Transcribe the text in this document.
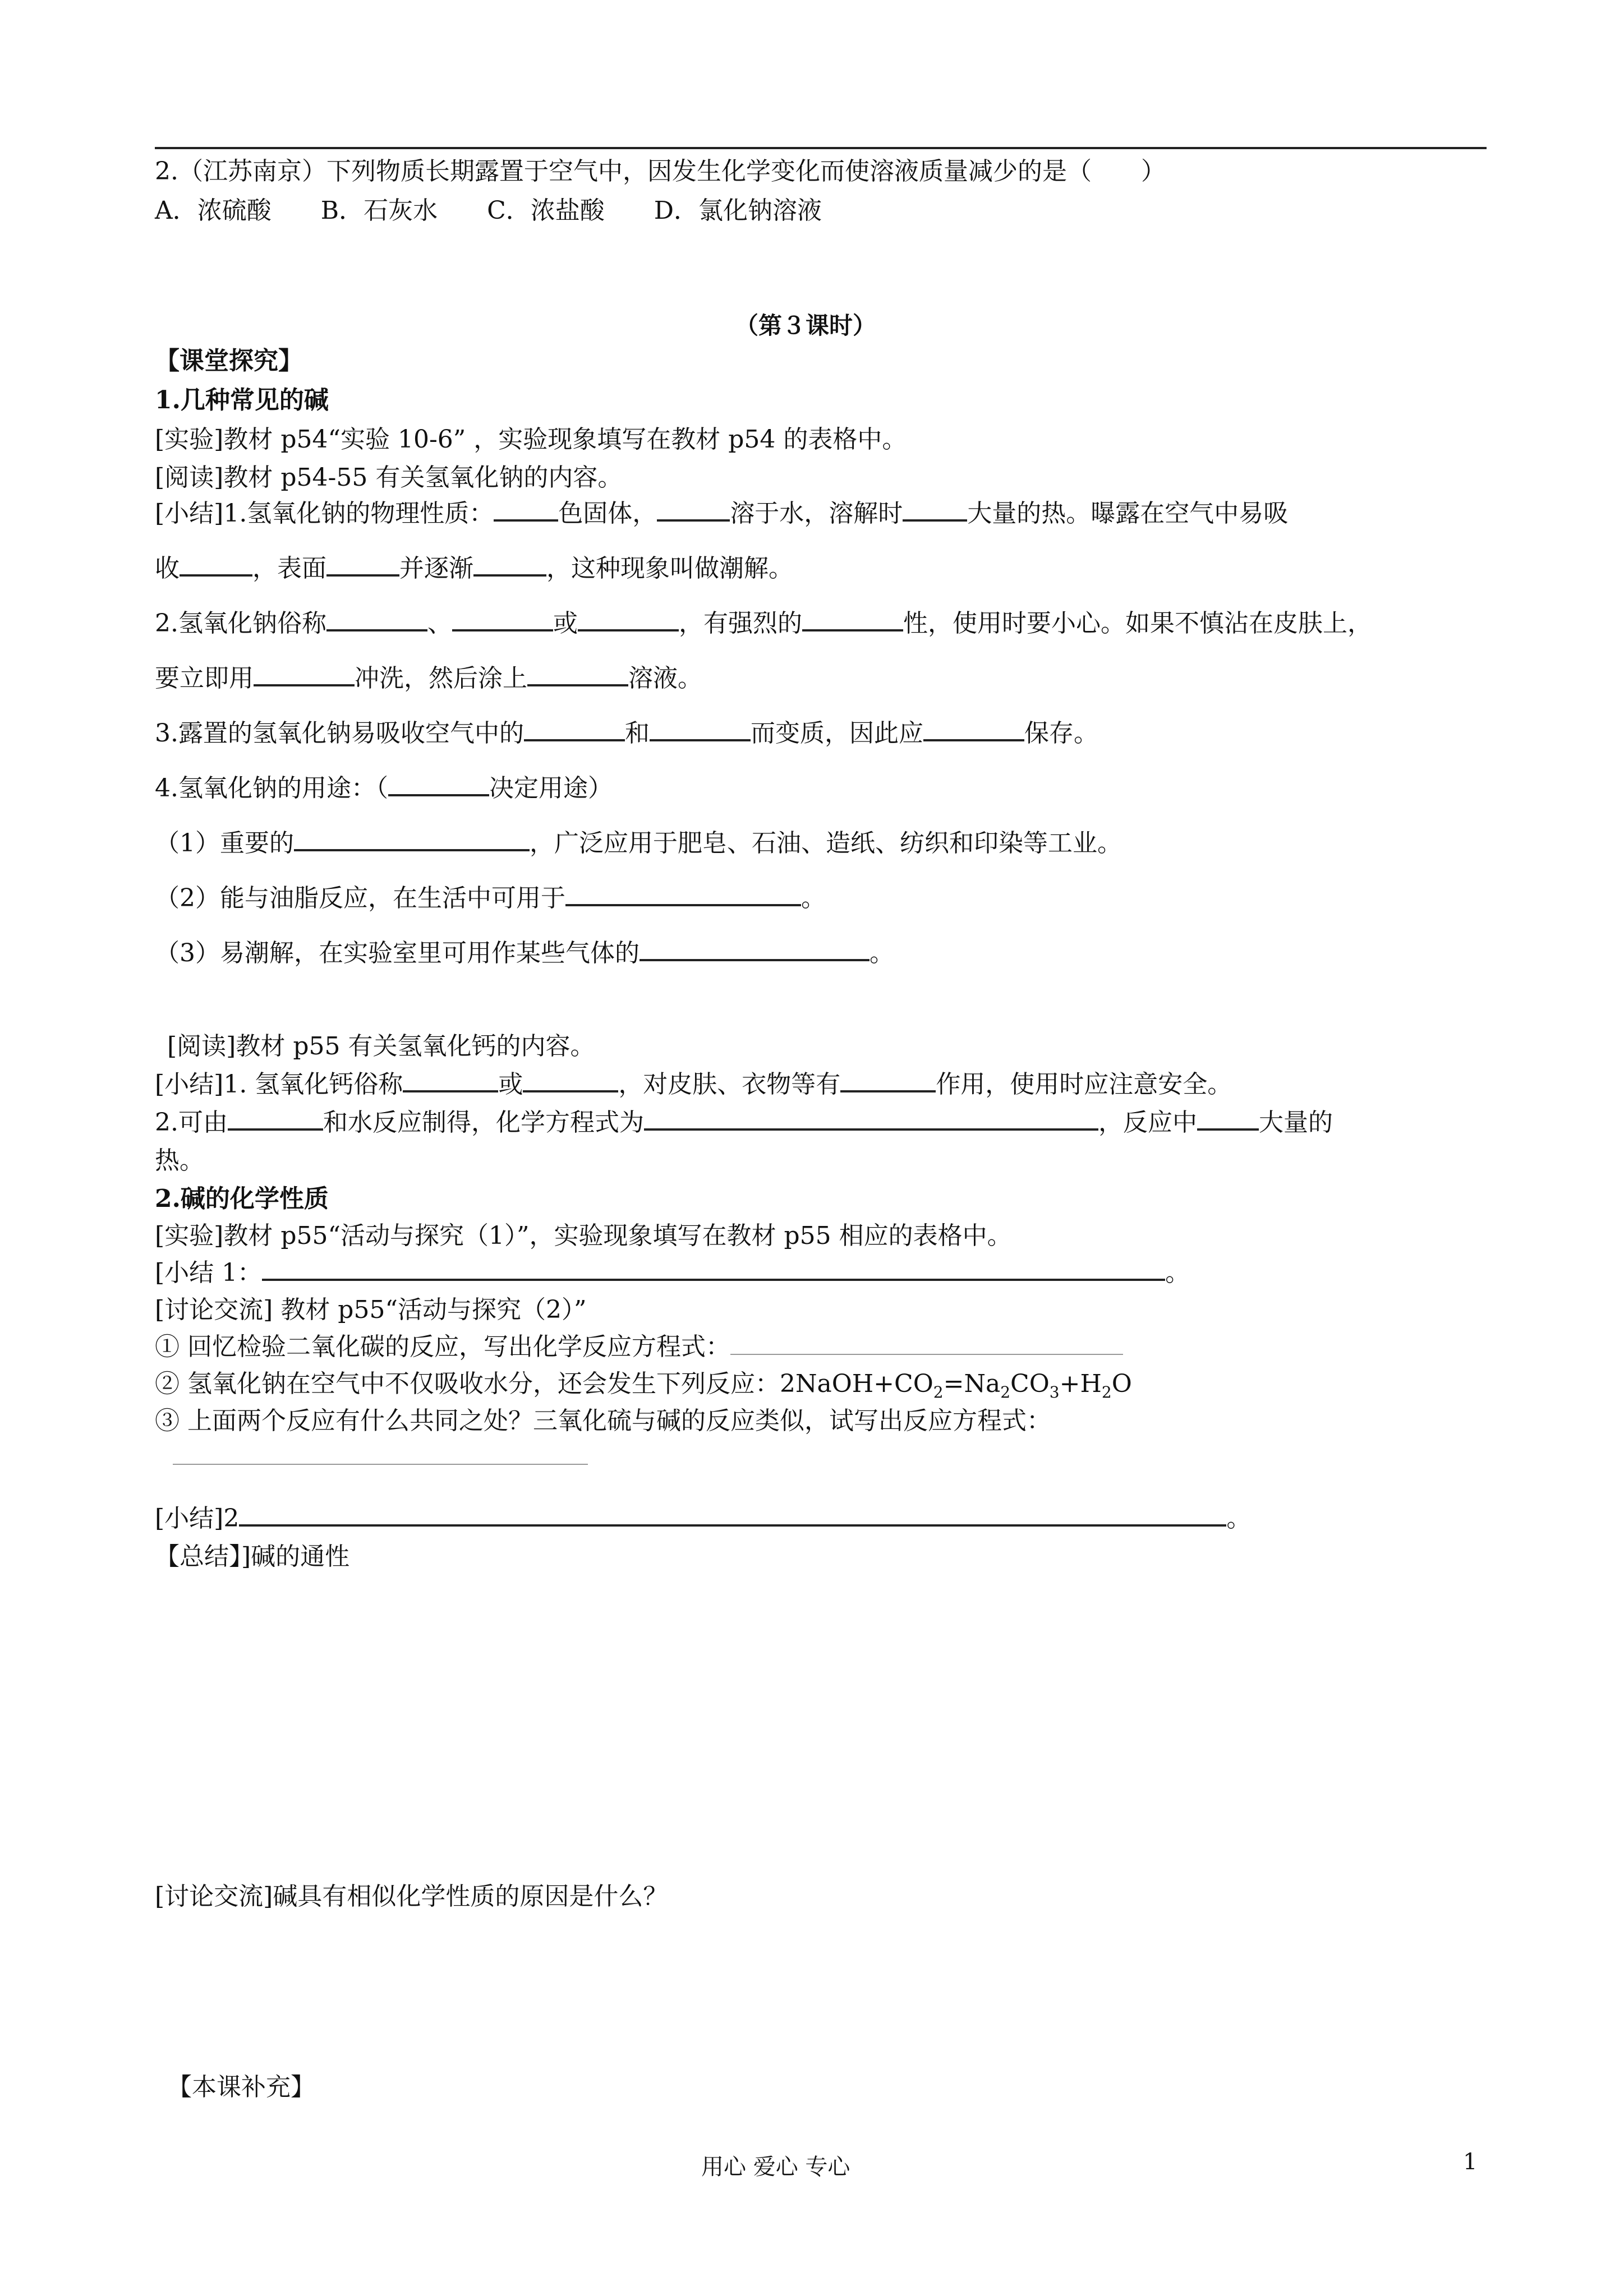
2.（江苏南京）下列物质长期露置于空气中，因发生化学变化而使溶液质量减少的是（　　）
A．浓硫酸　　B．石灰水　　C．浓盐酸　　D．氯化钠溶液
（第３课时）
【课堂探究】
1.几种常见的碱
[实验]教材 p54“实验 10-6” ，实验现象填写在教材 p54 的表格中。
[阅读]教材 p54-55 有关氢氧化钠的内容。
[小结]1.氢氧化钠的物理性质：	色固体，	溶于水，溶解时	大量的热。曝露在空气中易吸
收	，表面	并逐渐	，这种现象叫做潮解。
2.氢氧化钠俗称	、	或	，有强烈的	性，使用时要小心。如果不慎沾在皮肤上，
要立即用	冲洗，然后涂上	溶液。
3.露置的氢氧化钠易吸收空气中的	和	而变质，因此应	保存。
4.氢氧化钠的用途：（	决定用途）
（1）重要的	，广泛应用于肥皂、石油、造纸、纺织和印染等工业。
（2）能与油脂反应，在生活中可用于	。
（3）易潮解，在实验室里可用作某些气体的	。
[阅读]教材 p55 有关氢氧化钙的内容。
[小结]1. 氢氧化钙俗称	或	，对皮肤、衣物等有	作用，使用时应注意安全。
2.可由	和水反应制得，化学方程式为	，反应中	大量的
热。
2.碱的化学性质
[实验]教材 p55“活动与探究（1）”，实验现象填写在教材 p55 相应的表格中。
[小结 1：	。
[讨论交流] 教材 p55“活动与探究（2）”
① 回忆检验二氧化碳的反应，写出化学反应方程式：
② 氢氧化钠在空气中不仅吸收水分，还会发生下列反应：$2NaOH+CO_2=Na_2CO_3+H_2O$
③ 上面两个反应有什么共同之处？三氧化硫与碱的反应类似，试写出反应方程式：
[小结]2	。
【总结】]碱的通性
[讨论交流]碱具有相似化学性质的原因是什么？
【本课补充】
用心 爱心 专心	1
